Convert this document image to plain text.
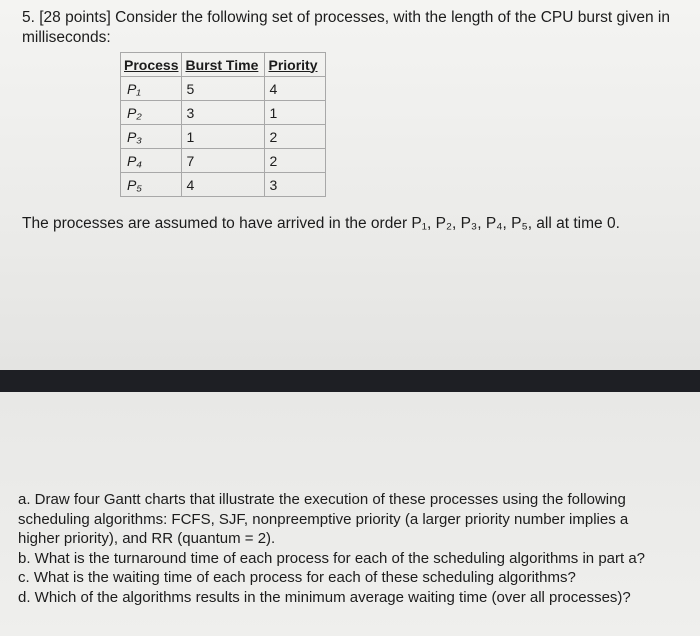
5. [28 points] Consider the following set of processes, with the length of the CPU burst given in
milliseconds:
Process	Burst Time	Priority
P₁	5	4
P₂	3	1
P₃	1	2
P₄	7	2
P₅	4	3
The processes are assumed to have arrived in the order P₁, P₂, P₃, P₄, P₅, all at time 0.

a. Draw four Gantt charts that illustrate the execution of these processes using the following

scheduling algorithms: FCFS, SJF, nonpreemptive priority (a larger priority number implies a

higher priority), and RR (quantum = 2).

b. What is the turnaround time of each process for each of the scheduling algorithms in part a?

c. What is the waiting time of each process for each of these scheduling algorithms?

d. Which of the algorithms results in the minimum average waiting time (over all processes)?
